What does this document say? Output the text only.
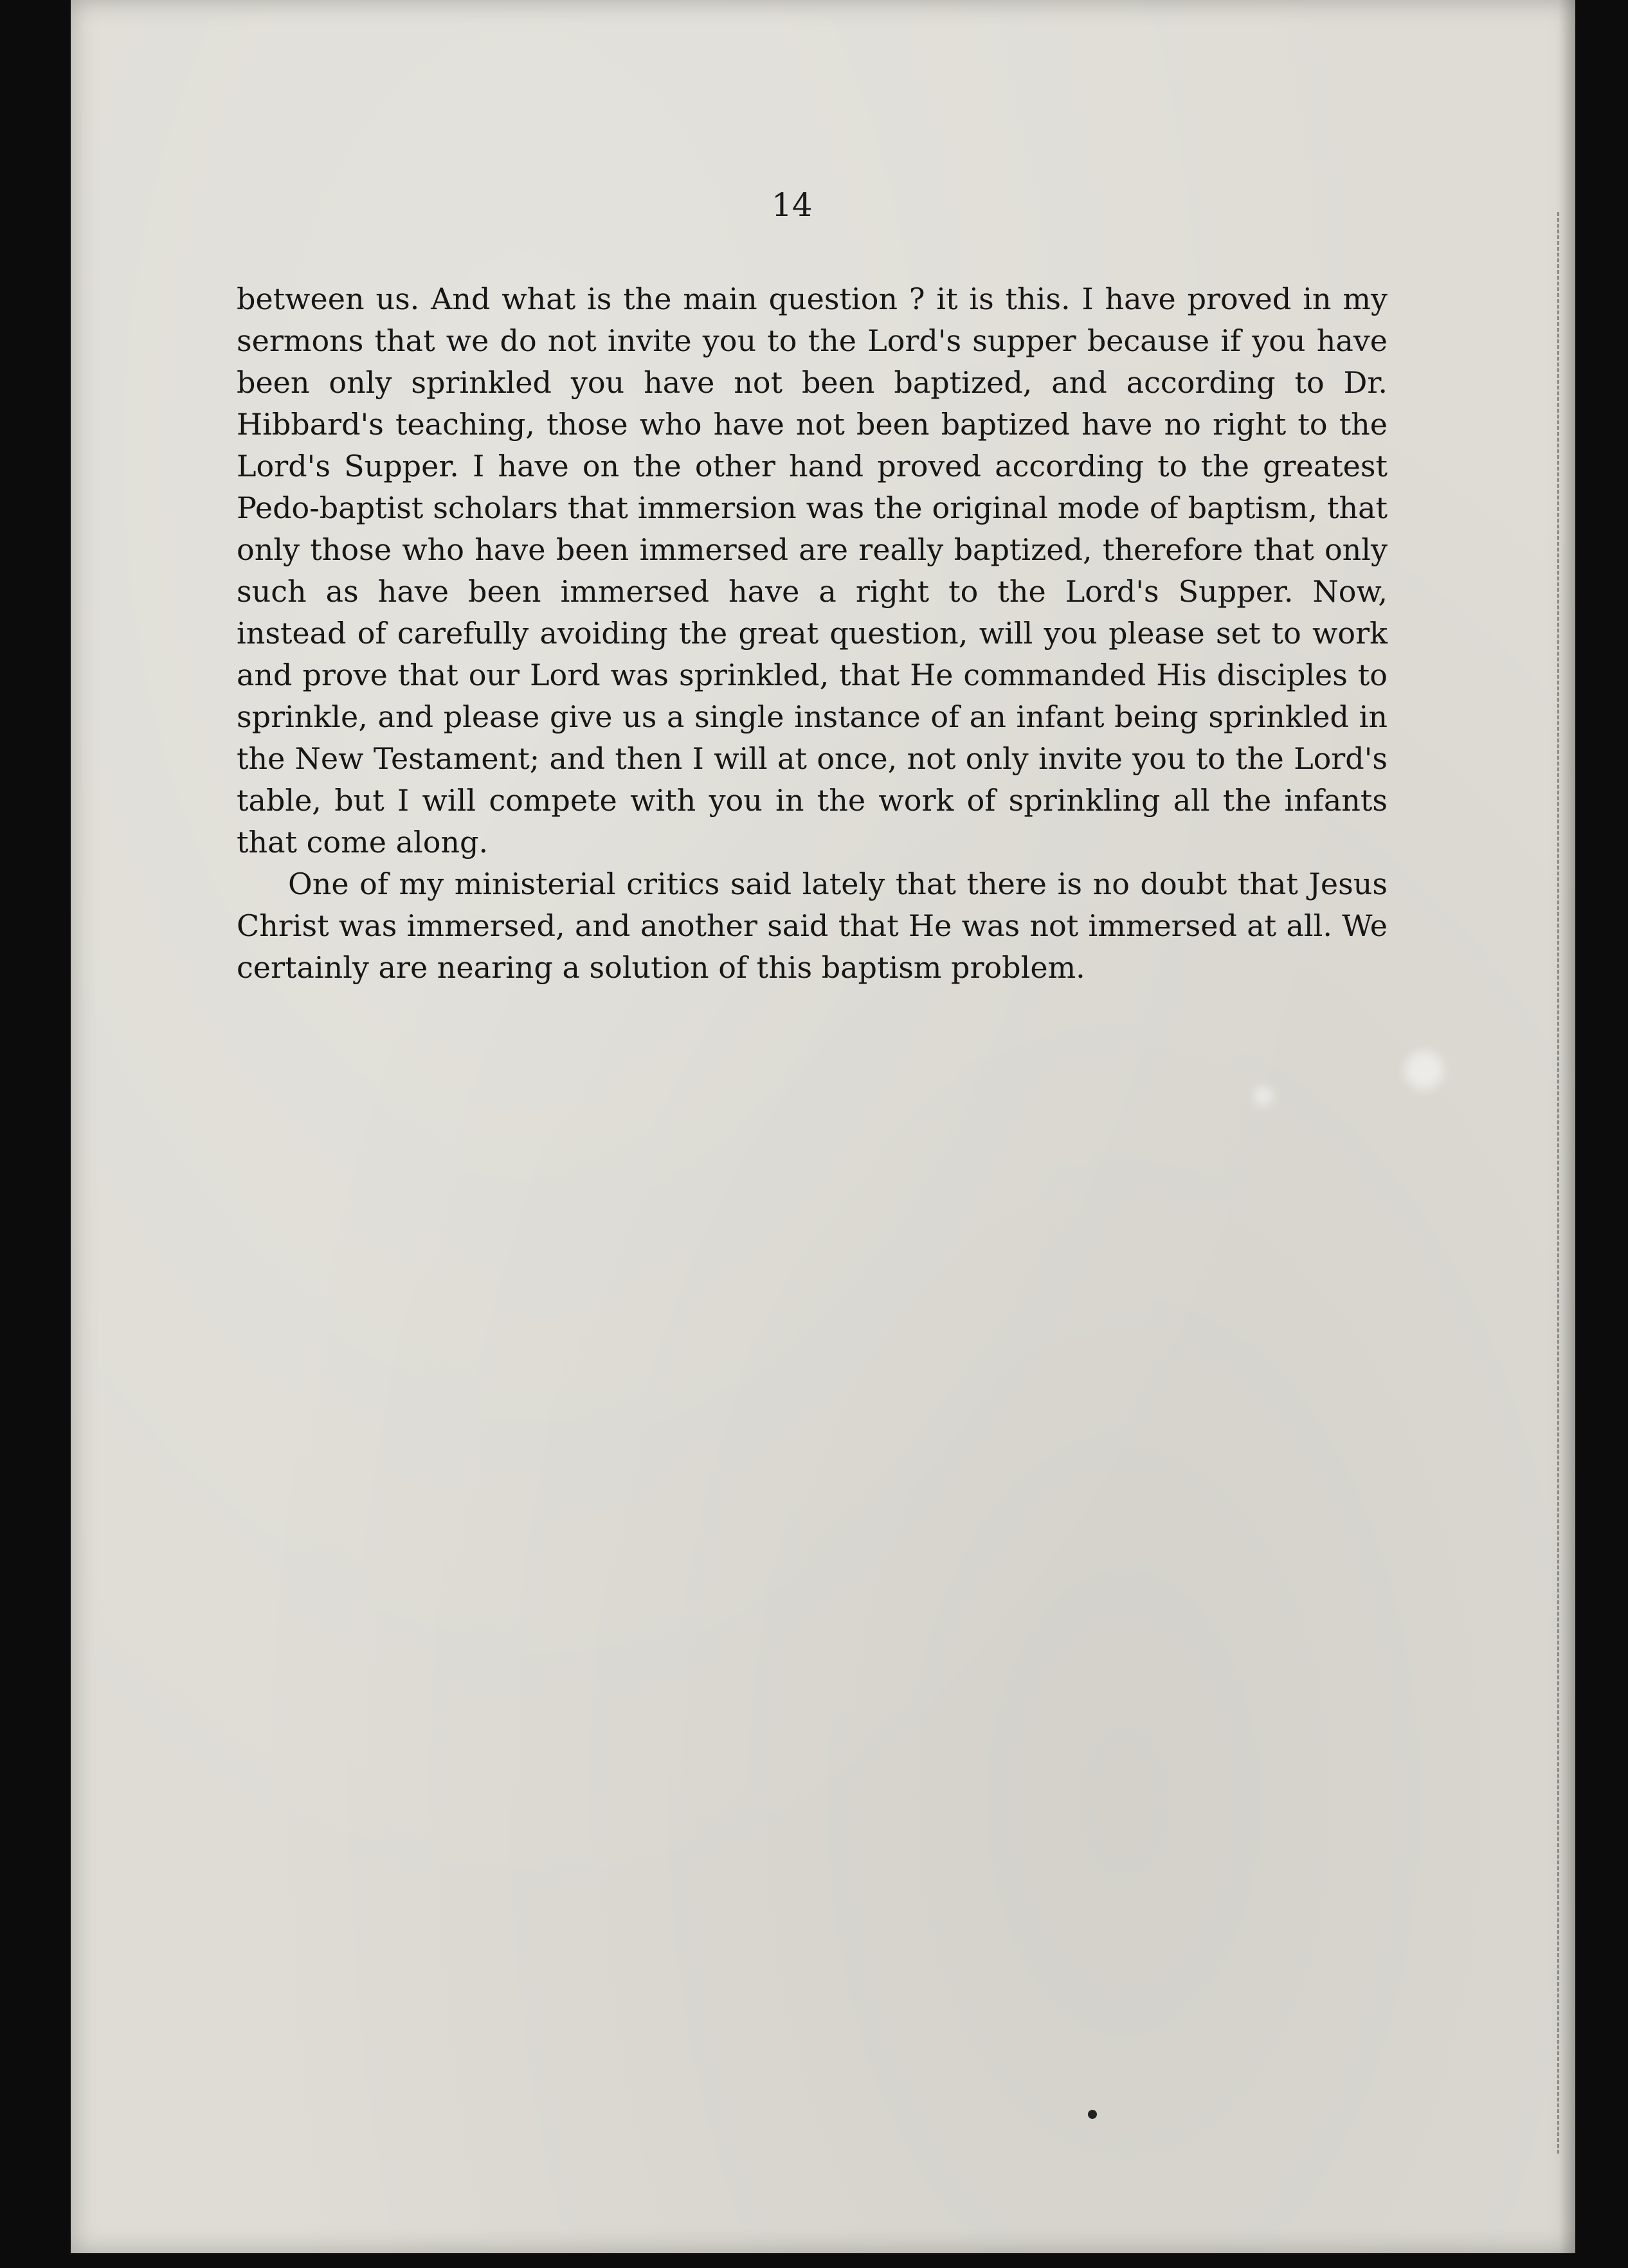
14

between us. And what is the main question ? it is this. I have proved in my sermons that we do not invite you to the Lord's supper because if you have been only sprinkled you have not been baptized, and according to Dr. Hibbard's teaching, those who have not been baptized have no right to the Lord's Supper. I have on the other hand proved according to the greatest Pedo-baptist scholars that immersion was the original mode of baptism, that only those who have been immersed are really baptized, therefore that only such as have been immersed have a right to the Lord's Supper. Now, instead of carefully avoiding the great question, will you please set to work and prove that our Lord was sprinkled, that He commanded His disciples to sprinkle, and please give us a single instance of an infant being sprinkled in the New Testament; and then I will at once, not only invite you to the Lord's table, but I will compete with you in the work of sprinkling all the infants that come along.

One of my ministerial critics said lately that there is no doubt that Jesus Christ was immersed, and another said that He was not immersed at all. We certainly are nearing a solution of this baptism problem.
